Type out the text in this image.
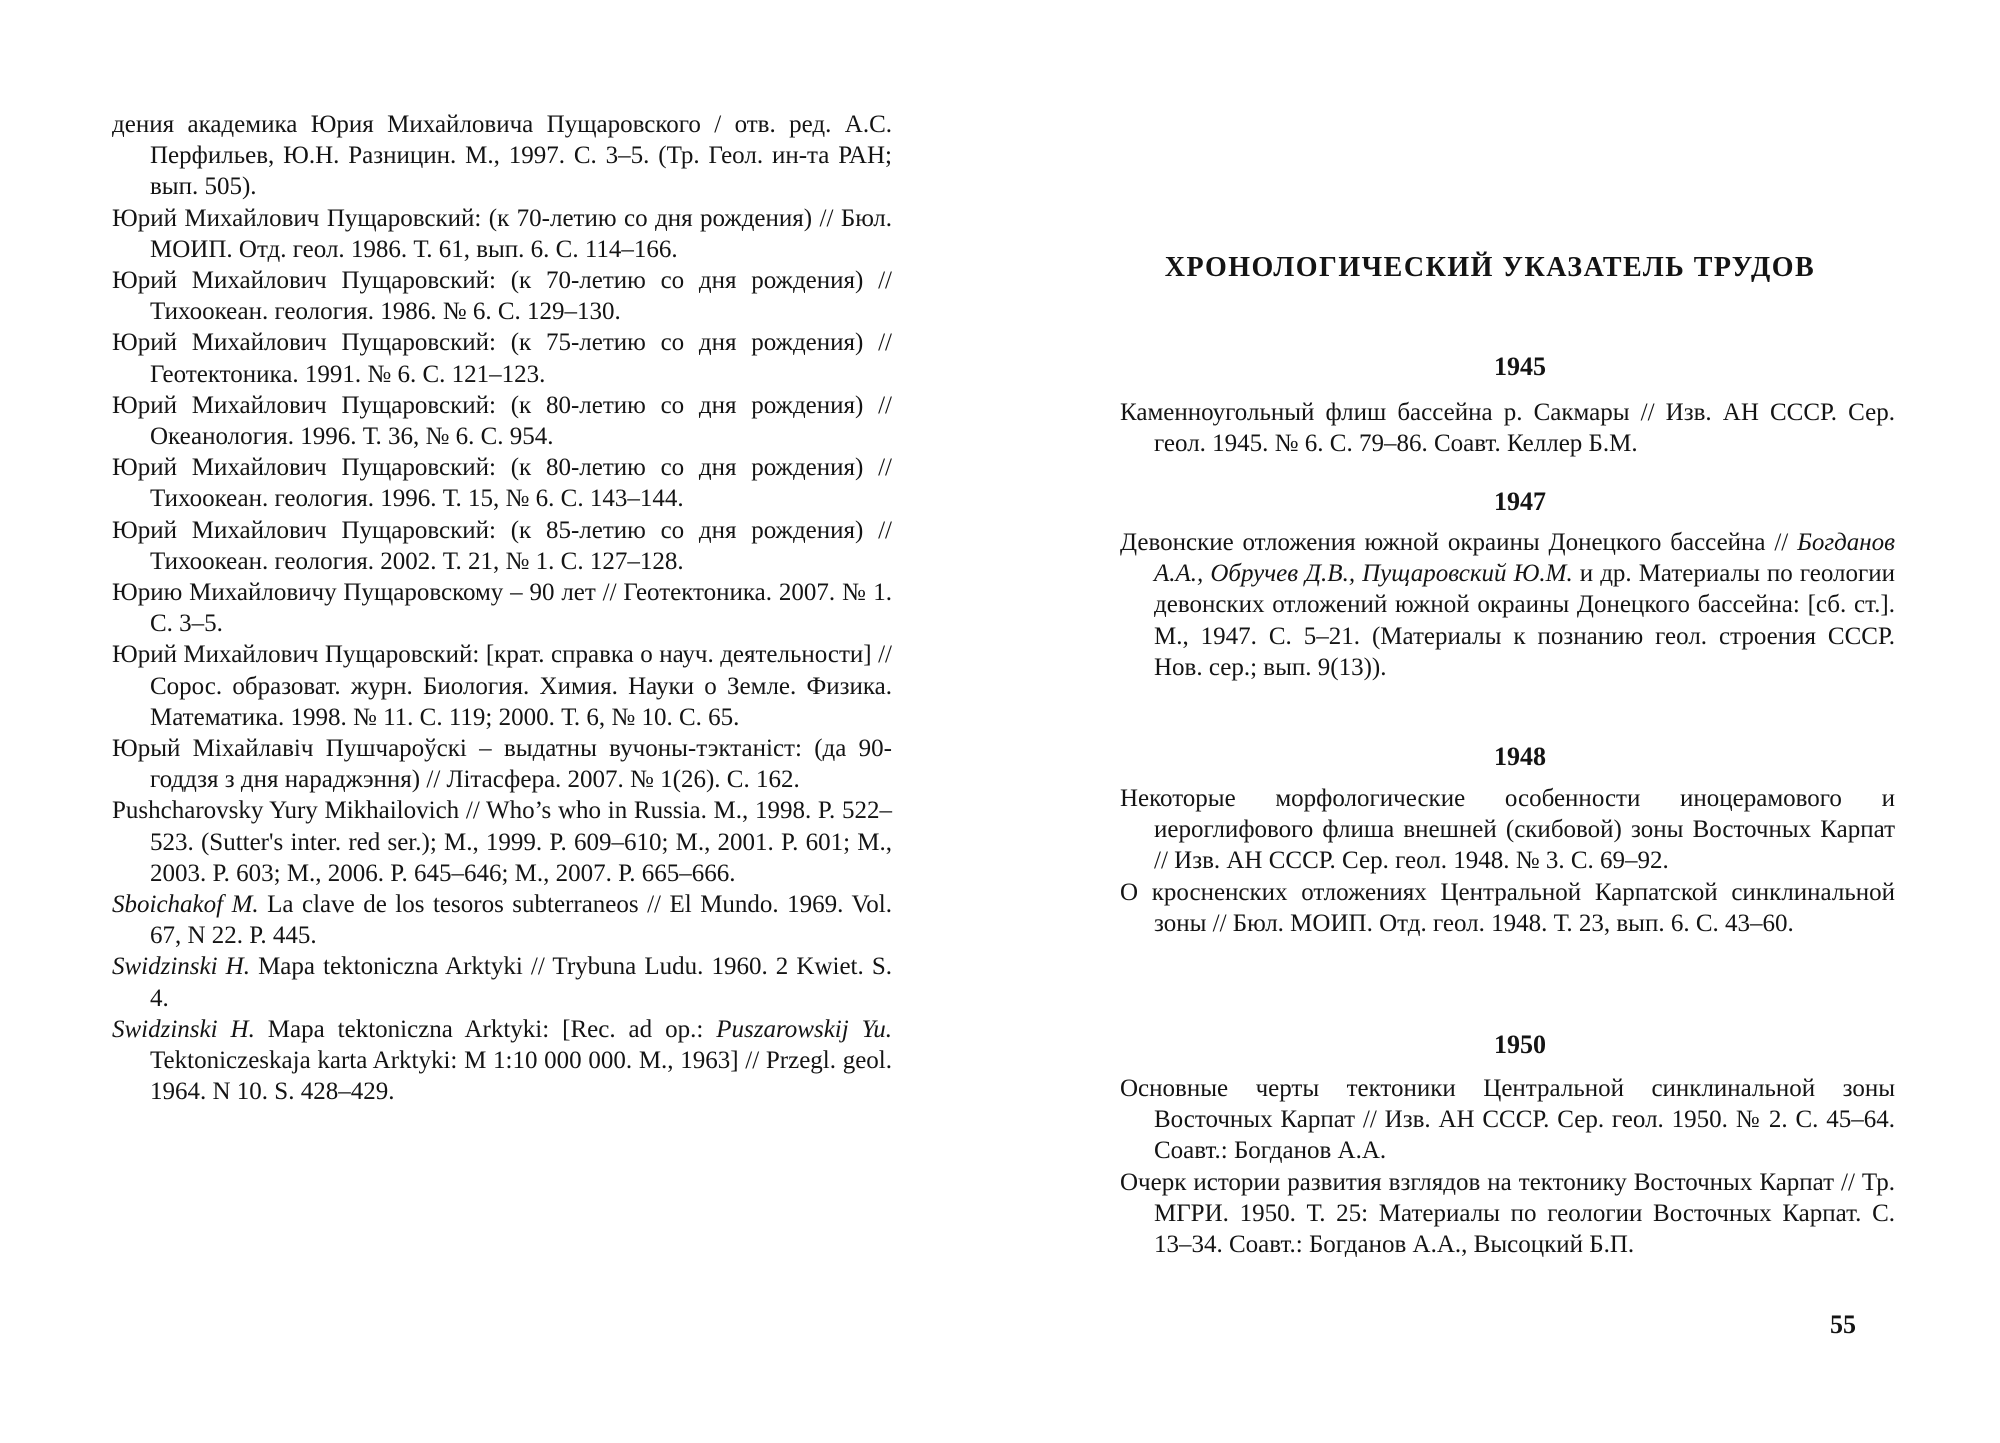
дения академика Юрия Михайловича Пущаровского / отв. ред. А.С. Перфильев, Ю.Н. Разницин. М., 1997. С. 3–5. (Тр. Геол. ин-та РАН; вып. 505).

Юрий Михайлович Пущаровский: (к 70-летию со дня рождения) // Бюл. МОИП. Отд. геол. 1986. Т. 61, вып. 6. С. 114–166.

Юрий Михайлович Пущаровский: (к 70-летию со дня рождения) // Тихоокеан. геология. 1986. № 6. С. 129–130.

Юрий Михайлович Пущаровский: (к 75-летию со дня рождения) // Геотектоника. 1991. № 6. С. 121–123.

Юрий Михайлович Пущаровский: (к 80-летию со дня рождения) // Океанология. 1996. Т. 36, № 6. С. 954.

Юрий Михайлович Пущаровский: (к 80-летию со дня рождения) // Тихоокеан. геология. 1996. Т. 15, № 6. С. 143–144.

Юрий Михайлович Пущаровский: (к 85-летию со дня рождения) // Тихоокеан. геология. 2002. Т. 21, № 1. С. 127–128.

Юрию Михайловичу Пущаровскому – 90 лет // Геотектоника. 2007. № 1. С. 3–5.

Юрий Михайлович Пущаровский: [крат. справка о науч. деятельности] // Сорос. образоват. журн. Биология. Химия. Науки о Земле. Физика. Математика. 1998. № 11. С. 119; 2000. Т. 6, № 10. С. 65.

Юрый Міхайлавіч Пушчароўскі – выдатны вучоны-тэктаніст: (да 90-годдзя з дня нараджэння) // Літасфера. 2007. № 1(26). С. 162.

Pushcharovsky Yury Mikhailovich // Who’s who in Russia. M., 1998. P. 522–523. (Sutter's inter. red ser.); M., 1999. P. 609–610; M., 2001. P. 601; M., 2003. P. 603; M., 2006. P. 645–646; M., 2007. P. 665–666.

Sboichakof M. La clave de los tesoros subterraneos // El Mundo. 1969. Vol. 67, N 22. P. 445.

Swidzinski H. Mapa tektoniczna Arktyki // Trybuna Ludu. 1960. 2 Kwiet. S. 4.

Swidzinski H. Mapa tektoniczna Arktyki: [Rec. ad op.: Puszarowskij Yu. Tektoniczeskaja karta Arktyki: M 1:10 000 000. M., 1963] // Przegl. geol. 1964. N 10. S. 428–429.

ХРОНОЛОГИЧЕСКИЙ УКАЗАТЕЛЬ ТРУДОВ
1945

Каменноугольный флиш бассейна р. Сакмары // Изв. АН СССР. Сер. геол. 1945. № 6. С. 79–86. Соавт. Келлер Б.М.

1947

Девонские отложения южной окраины Донецкого бассейна // Богданов А.А., Обручев Д.В., Пущаровский Ю.М. и др. Материалы по геологии девонских отложений южной окраины Донецкого бассейна: [сб. ст.]. М., 1947. С. 5–21. (Материалы к познанию геол. строения СССР. Нов. сер.; вып. 9(13)).

1948

Некоторые морфологические особенности иноцерамового и иероглифового флиша внешней (скибовой) зоны Восточных Карпат // Изв. АН СССР. Сер. геол. 1948. № 3. С. 69–92.

О кросненских отложениях Центральной Карпатской синклинальной зоны // Бюл. МОИП. Отд. геол. 1948. Т. 23, вып. 6. С. 43–60.

1950

Основные черты тектоники Центральной синклинальной зоны Восточных Карпат // Изв. АН СССР. Сер. геол. 1950. № 2. С. 45–64. Соавт.: Богданов А.А.

Очерк истории развития взглядов на тектонику Восточных Карпат // Тр. МГРИ. 1950. Т. 25: Материалы по геологии Восточных Карпат. С. 13–34. Соавт.: Богданов А.А., Высоцкий Б.П.

55
